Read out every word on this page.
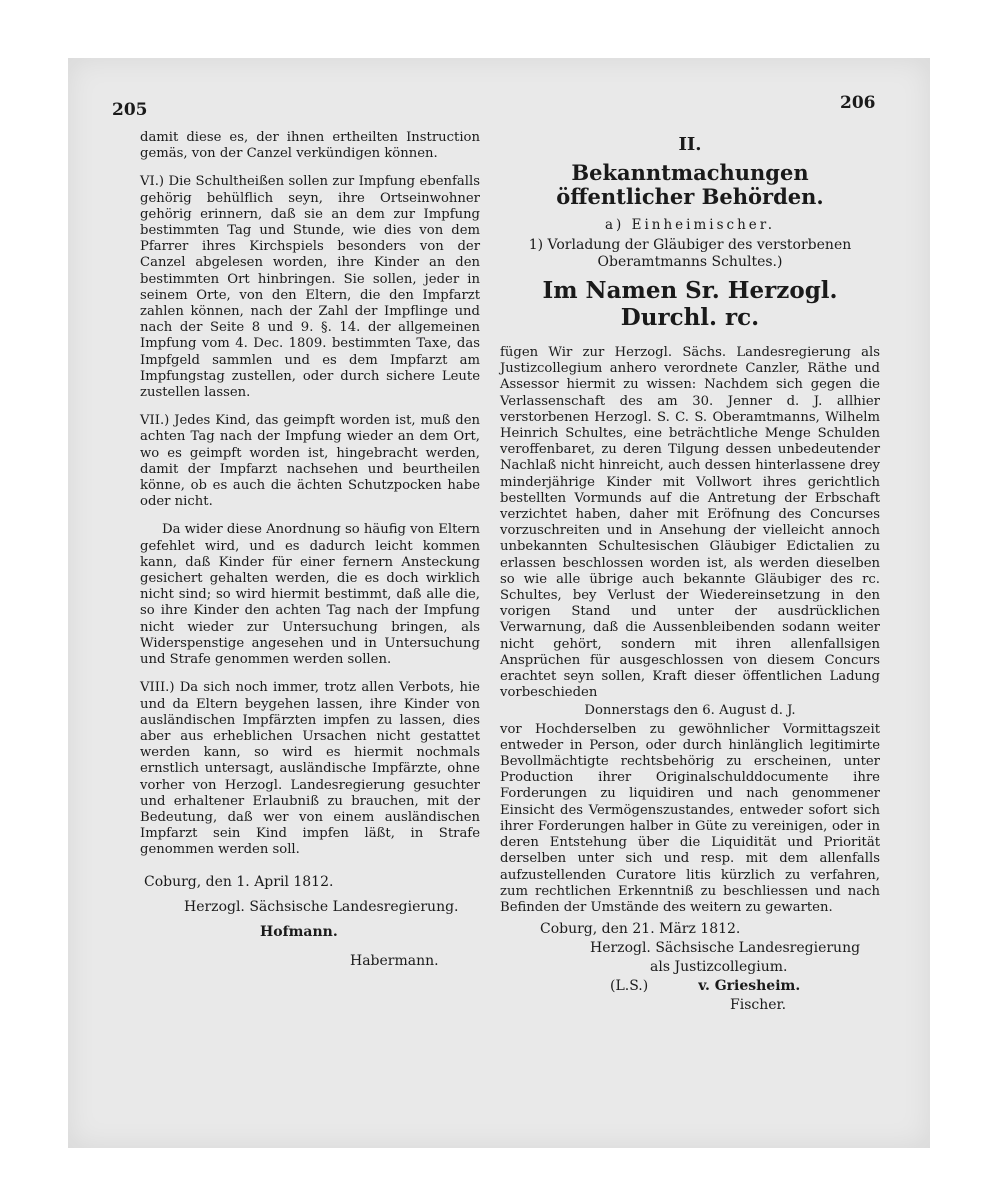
205	206

damit diese es, der ihnen ertheilten Instruction gemäs, von der Canzel verkündigen können.

VI.) Die Schultheißen sollen zur Impfung ebenfalls gehörig behülflich seyn, ihre Ortseinwohner gehörig erinnern, daß sie an dem zur Impfung bestimmten Tag und Stunde, wie dies von dem Pfarrer ihres Kirchspiels besonders von der Canzel abgelesen worden, ihre Kinder an den bestimmten Ort hinbringen. Sie sollen, jeder in seinem Orte, von den Eltern, die den Impfarzt zahlen können, nach der Zahl der Impflinge und nach der Seite 8 und 9. §. 14. der allgemeinen Impfung vom 4. Dec. 1809. bestimmten Taxe, das Impfgeld sammlen und es dem Impfarzt am Impfungstag zustellen, oder durch sichere Leute zustellen lassen.

VII.) Jedes Kind, das geimpft worden ist, muß den achten Tag nach der Impfung wieder an dem Ort, wo es geimpft worden ist, hingebracht werden, damit der Impfarzt nachsehen und beurtheilen könne, ob es auch die ächten Schutzpocken habe oder nicht.

Da wider diese Anordnung so häufig von Eltern gefehlet wird, und es dadurch leicht kommen kann, daß Kinder für einer fernern Ansteckung gesichert gehalten werden, die es doch wirklich nicht sind; so wird hiermit bestimmt, daß alle die, so ihre Kinder den achten Tag nach der Impfung nicht wieder zur Untersuchung bringen, als Widerspenstige angesehen und in Untersuchung und Strafe genommen werden sollen.

VIII.) Da sich noch immer, trotz allen Verbots, hie und da Eltern beygehen lassen, ihre Kinder von ausländischen Impfärzten impfen zu lassen, dies aber aus erheblichen Ursachen nicht gestattet werden kann, so wird es hiermit nochmals ernstlich untersagt, ausländische Impfärzte, ohne vorher von Herzogl. Landesregierung gesuchter und erhaltener Erlaubniß zu brauchen, mit der Bedeutung, daß wer von einem ausländischen Impfarzt sein Kind impfen läßt, in Strafe genommen werden soll.

Coburg, den 1. April 1812.

Herzogl. Sächsische Landesregierung.

Hofmann.

Habermann.

II.
Bekanntmachungen öffentlicher Behörden.
a) Einheimischer.

1) Vorladung der Gläubiger des verstorbenen Oberamtmanns Schultes.)

Im Namen Sr. Herzogl. Durchl. rc.

fügen Wir zur Herzogl. Sächs. Landesregierung als Justizcollegium anhero verordnete Canzler, Räthe und Assessor hiermit zu wissen: Nachdem sich gegen die Verlassenschaft des am 30. Jenner d. J. allhier verstorbenen Herzogl. S. C. S. Oberamtmanns, Wilhelm Heinrich Schultes, eine beträchtliche Menge Schulden veroffenbaret, zu deren Tilgung dessen unbedeutender Nachlaß nicht hinreicht, auch dessen hinterlassene drey minderjährige Kinder mit Vollwort ihres gerichtlich bestellten Vormunds auf die Antretung der Erbschaft verzichtet haben, daher mit Eröfnung des Concurses vorzuschreiten und in Ansehung der vielleicht annoch unbekannten Schultesischen Gläubiger Edictalien zu erlassen beschlossen worden ist, als werden dieselben so wie alle übrige auch bekannte Gläubiger des rc. Schultes, bey Verlust der Wiedereinsetzung in den vorigen Stand und unter der ausdrücklichen Verwarnung, daß die Aussenbleibenden sodann weiter nicht gehört, sondern mit ihren allenfallsigen Ansprüchen für ausgeschlossen von diesem Concurs erachtet seyn sollen, Kraft dieser öffentlichen Ladung vorbeschieden

Donnerstags den 6. August d. J.

vor Hochderselben zu gewöhnlicher Vormittagszeit entweder in Person, oder durch hinlänglich legitimirte Bevollmächtigte rechtsbehörig zu erscheinen, unter Production ihrer Originalschulddocumente ihre Forderungen zu liquidiren und nach genommener Einsicht des Vermögenszustandes, entweder sofort sich ihrer Forderungen halber in Güte zu vereinigen, oder in deren Entstehung über die Liquidität und Priorität derselben unter sich und resp. mit dem allenfalls aufzustellenden Curatore litis kürzlich zu verfahren, zum rechtlichen Erkenntniß zu beschliessen und nach Befinden der Umstände des weitern zu gewarten.

Coburg, den 21. März 1812.

Herzogl. Sächsische Landesregierung

als Justizcollegium.

(L.S.)	v. Griesheim.

Fischer.
